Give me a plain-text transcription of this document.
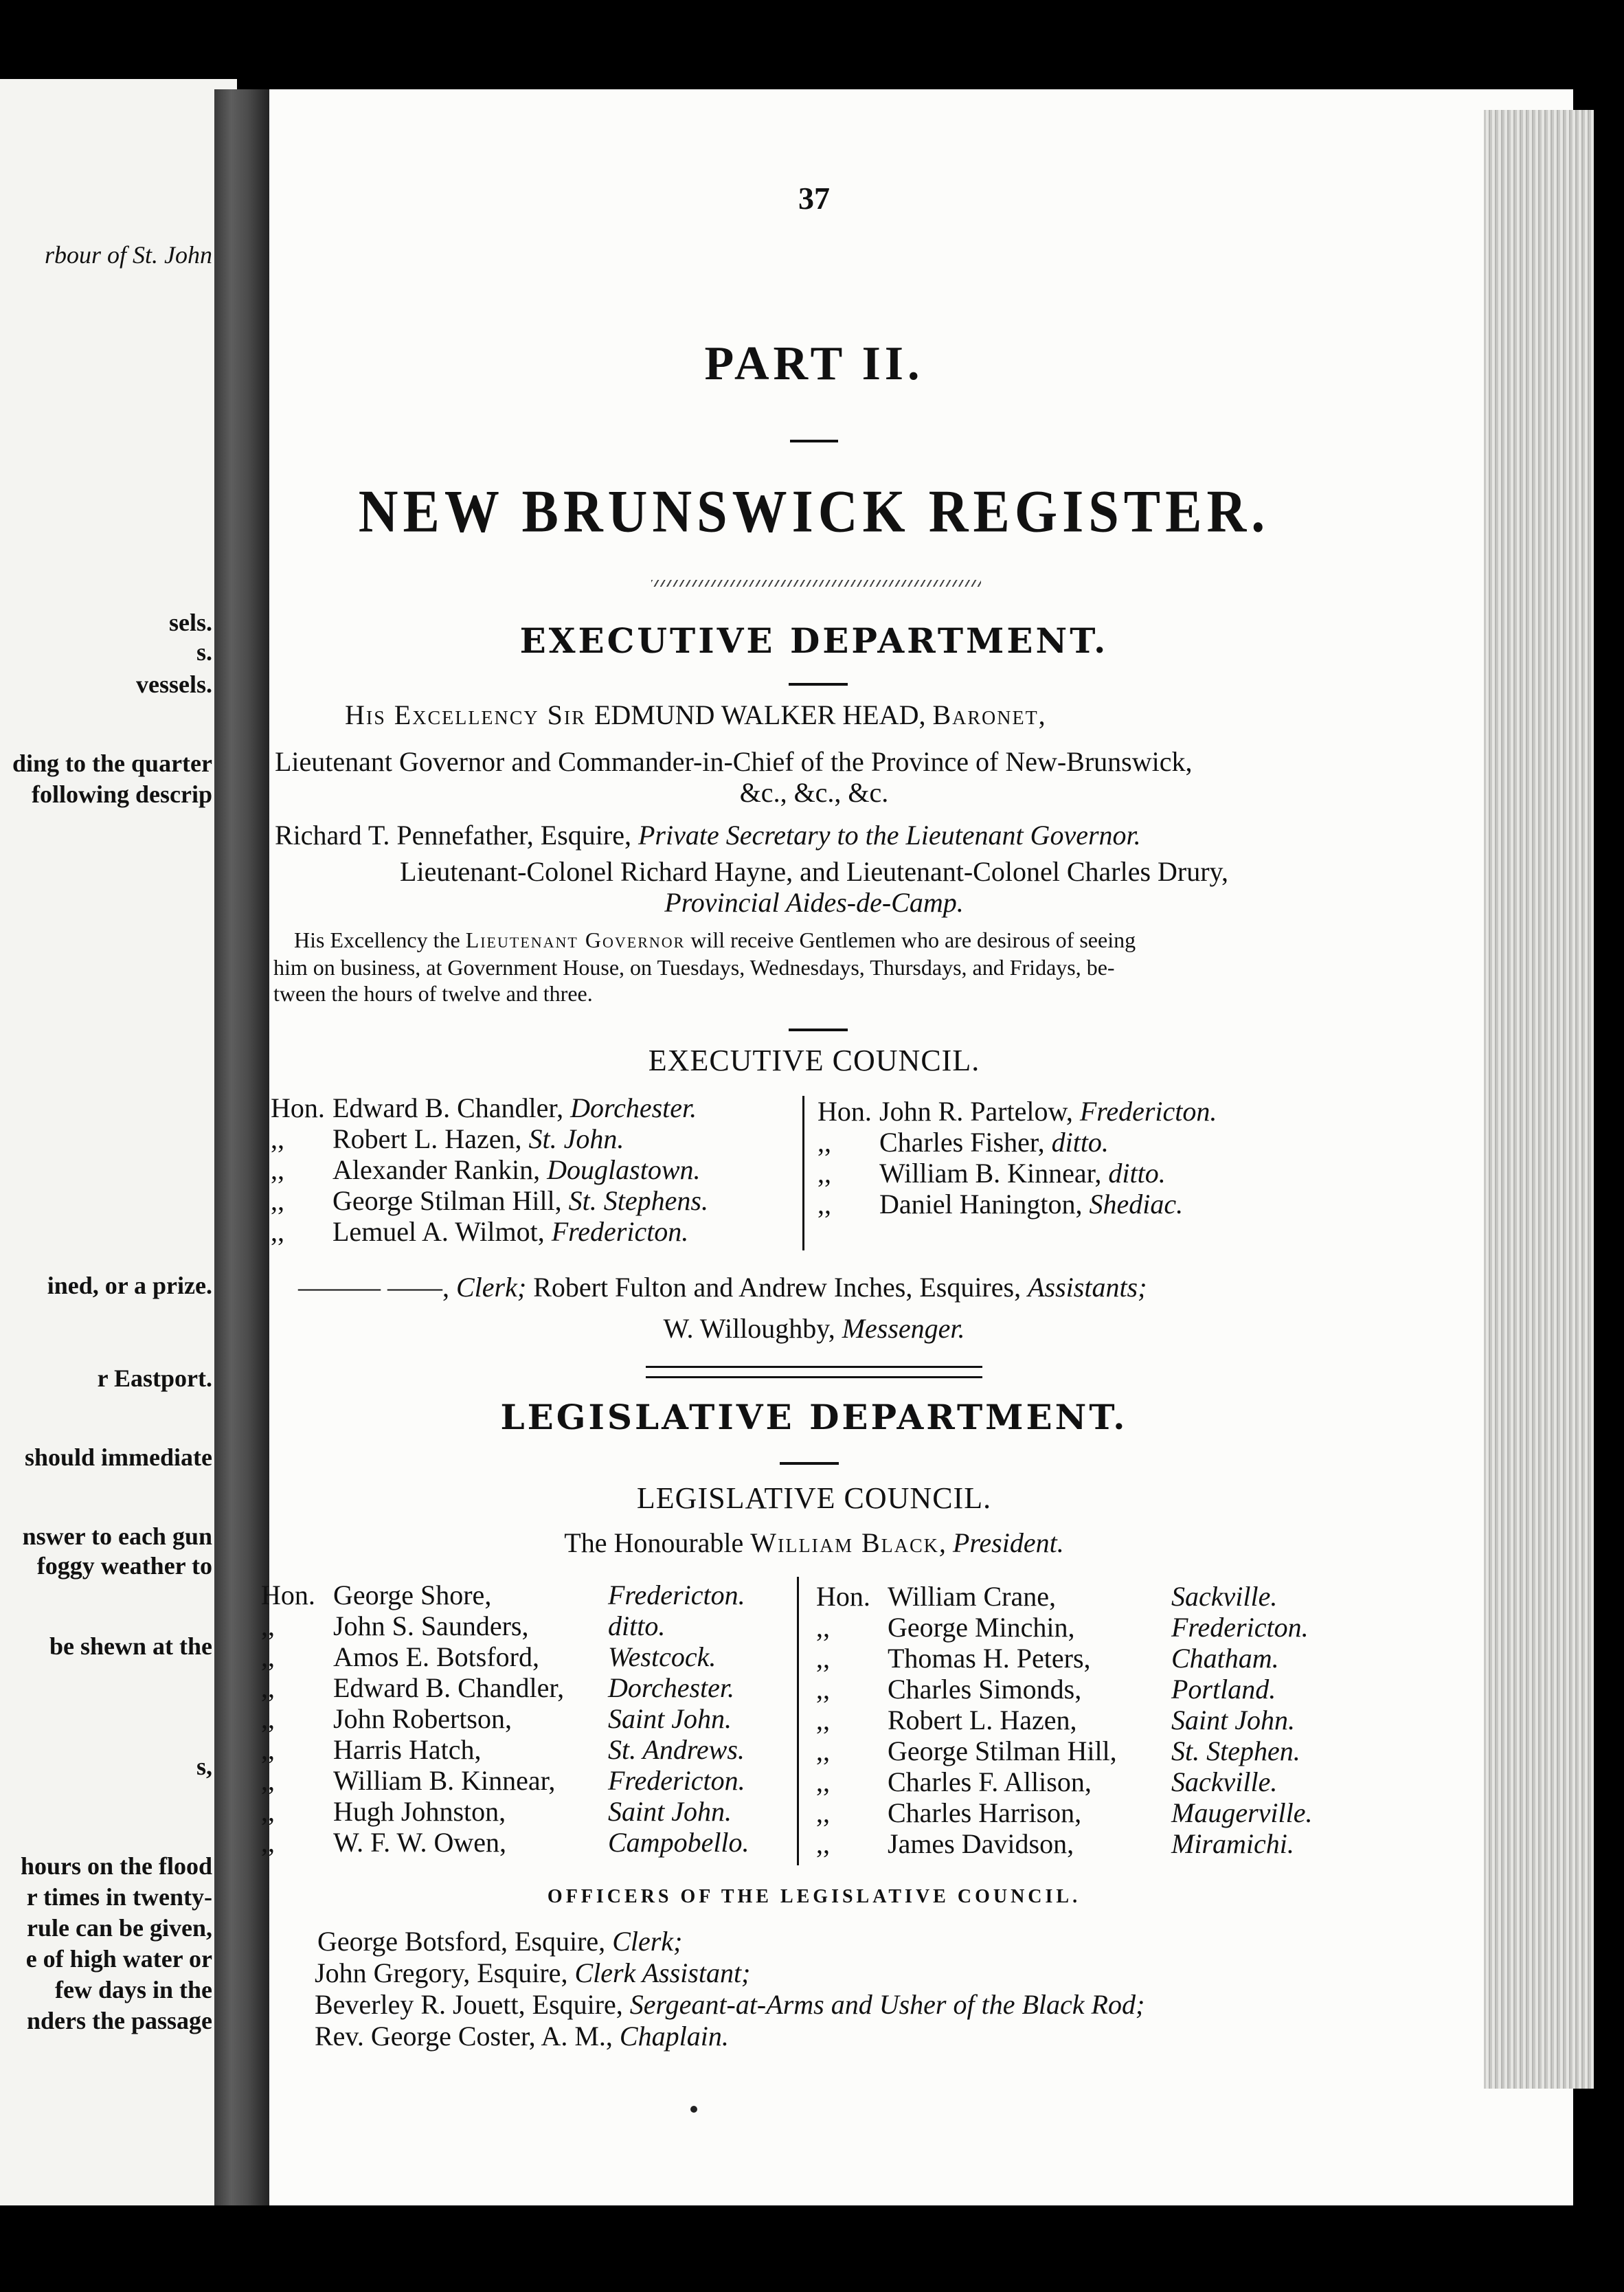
rbour of St. John
sels.
s.
vessels.
ding to the quarter
following descrip
ined, or a prize.
r Eastport.
should immediate
nswer to each gun
foggy weather to
be shewn at the
s,
hours on the flood
r times in twenty-
rule can be given,
e of high water or
few days in the
nders the passage
37
PART II.
NEW BRUNSWICK REGISTER.
EXECUTIVE DEPARTMENT.
His Excellency Sir EDMUND WALKER HEAD, Baronet,
Lieutenant Governor and Commander-in-Chief of the Province of New-Brunswick,
&c., &c., &c.
Richard T. Pennefather, Esquire, Private Secretary to the Lieutenant Governor.
Lieutenant-Colonel Richard Hayne, and Lieutenant-Colonel Charles Drury,
Provincial Aides-de-Camp.
His Excellency the Lieutenant Governor will receive Gentlemen who are desirous of seeing
him on business, at Government House, on Tuesdays, Wednesdays, Thursdays, and Fridays, be-
tween the hours of twelve and three.
EXECUTIVE COUNCIL.
Hon. Edward B. Chandler, Dorchester.
,, Robert L. Hazen, St. John.
,, Alexander Rankin, Douglastown.
,, George Stilman Hill, St. Stephens.
,, Lemuel A. Wilmot, Fredericton.
Hon. John R. Partelow, Fredericton.
,, Charles Fisher, ditto.
,, William B. Kinnear, ditto.
,, Daniel Hanington, Shediac.
——— ——, Clerk; Robert Fulton and Andrew Inches, Esquires, Assistants;
W. Willoughby, Messenger.
LEGISLATIVE DEPARTMENT.
LEGISLATIVE COUNCIL.
The Honourable William Black, President.
Hon. George Shore,	Fredericton.
,, John S. Saunders,	ditto.
,, Amos E. Botsford,	Westcock.
,, Edward B. Chandler, Dorchester.
,, John Robertson,	Saint John.
,, Harris Hatch,	St. Andrews.
,, William B. Kinnear, Fredericton.
,, Hugh Johnston,	Saint John.
,, W. F. W. Owen,	Campobello.
Hon. William Crane,	Sackville.
,, George Minchin,	Fredericton.
,, Thomas H. Peters,	Chatham.
,, Charles Simonds,	Portland.
,, Robert L. Hazen,	Saint John.
,, George Stilman Hill, St. Stephen.
,, Charles F. Allison,	Sackville.
,, Charles Harrison,	Maugerville.
,, James Davidson,	Miramichi.
OFFICERS OF THE LEGISLATIVE COUNCIL.
George Botsford, Esquire, Clerk;
John Gregory, Esquire, Clerk Assistant;
Beverley R. Jouett, Esquire, Sergeant-at-Arms and Usher of the Black Rod;
Rev. George Coster, A. M., Chaplain.
